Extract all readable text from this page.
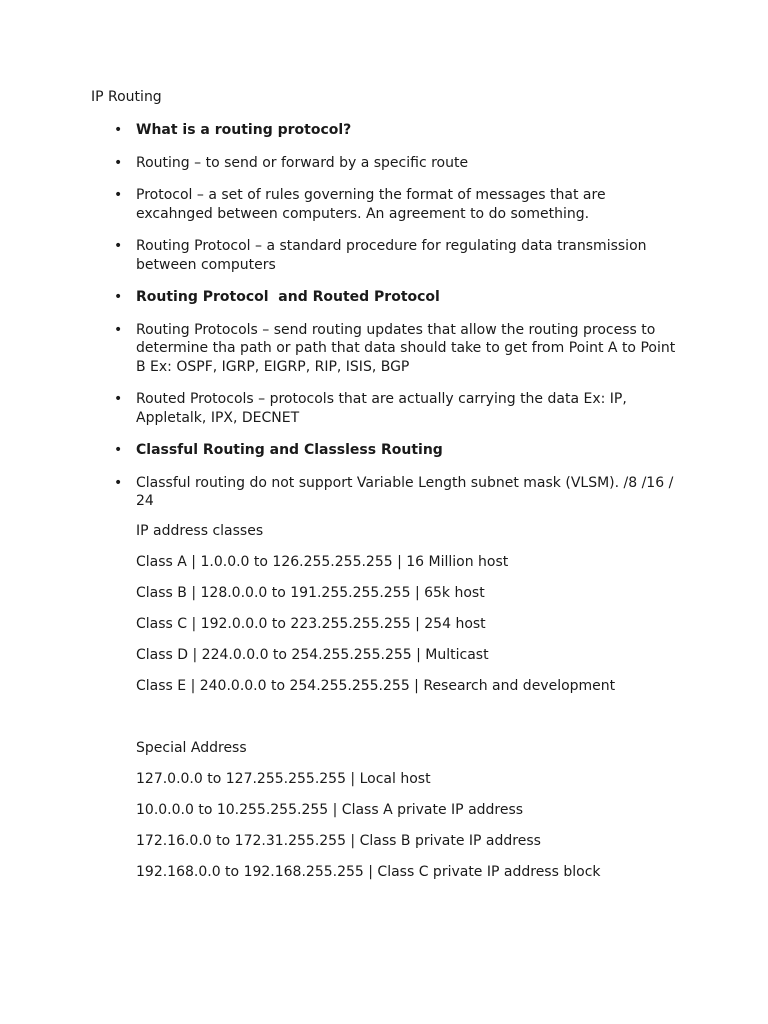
IP Routing
• What is a routing protocol?
• Routing – to send or forward by a specific route
• Protocol – a set of rules governing the format of messages that are excahnged between computers. An agreement to do something.
• Routing Protocol – a standard procedure for regulating data transmission between computers
• Routing Protocol  and Routed Protocol
• Routing Protocols – send routing updates that allow the routing process to determine tha path or path that data should take to get from Point A to Point B Ex: OSPF, IGRP, EIGRP, RIP, ISIS, BGP
• Routed Protocols – protocols that are actually carrying the data Ex: IP, Appletalk, IPX, DECNET
• Classful Routing and Classless Routing
• Classful routing do not support Variable Length subnet mask (VLSM). /8 /16 / 24
IP address classes
Class A | 1.0.0.0 to 126.255.255.255 | 16 Million host
Class B | 128.0.0.0 to 191.255.255.255 | 65k host
Class C | 192.0.0.0 to 223.255.255.255 | 254 host
Class D | 224.0.0.0 to 254.255.255.255 | Multicast
Class E | 240.0.0.0 to 254.255.255.255 | Research and development
Special Address
127.0.0.0 to 127.255.255.255 | Local host
10.0.0.0 to 10.255.255.255 | Class A private IP address
172.16.0.0 to 172.31.255.255 | Class B private IP address
192.168.0.0 to 192.168.255.255 | Class C private IP address block
